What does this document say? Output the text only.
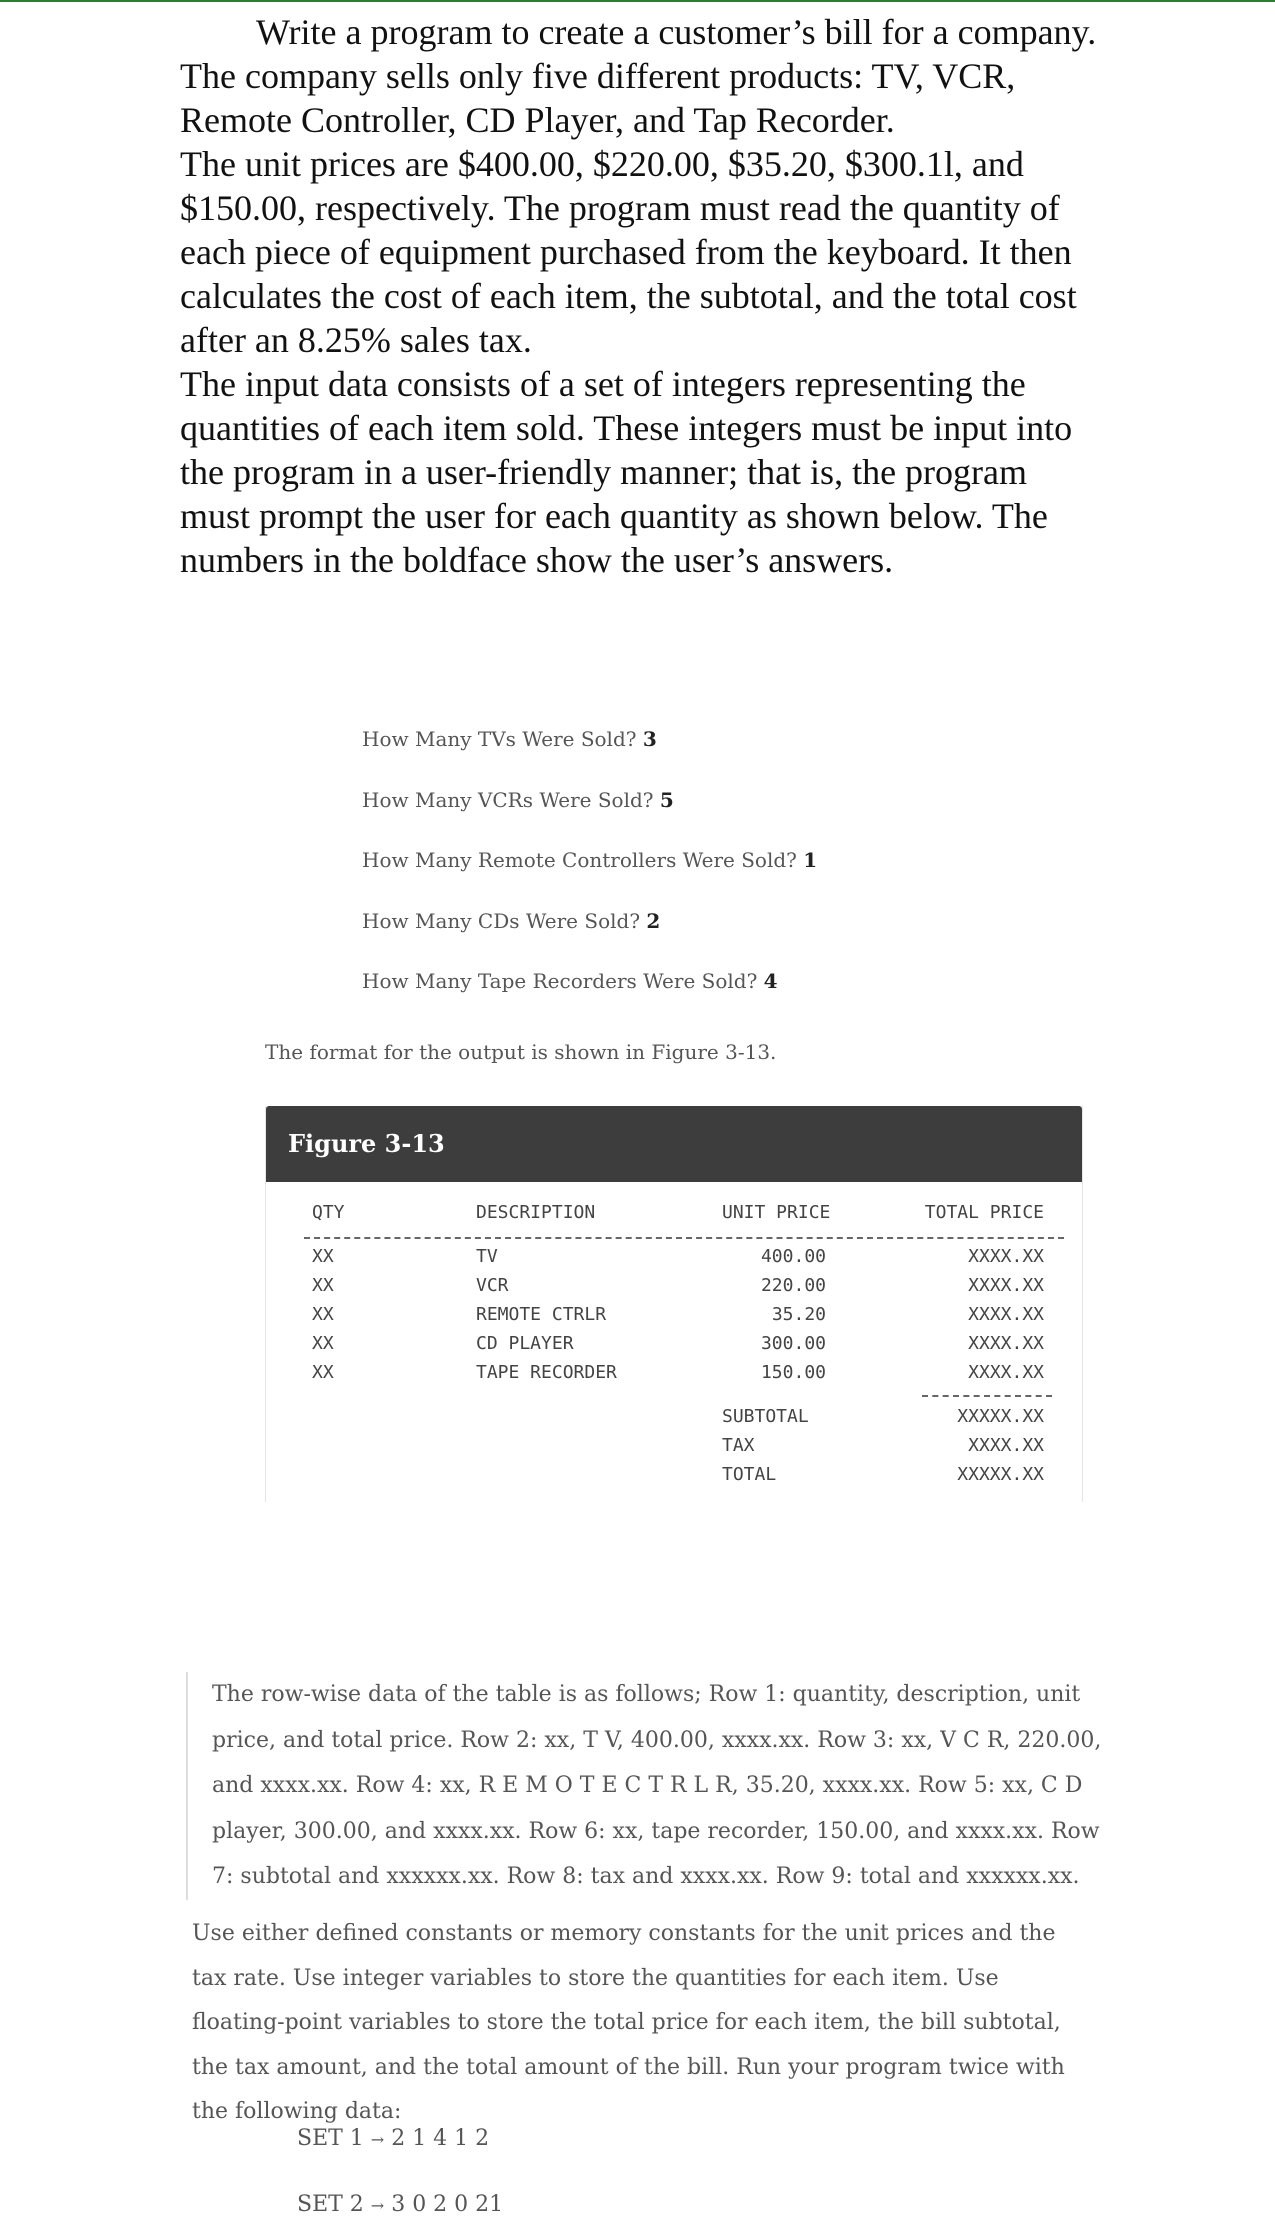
Write a program to create a customer’s bill for a company. The company sells only five different products: TV, VCR, Remote Controller, CD Player, and Tap Recorder.

The unit prices are $400.00, $220.00, $35.20, $300.1l, and $150.00, respectively. The program must read the quantity of each piece of equipment purchased from the keyboard. It then calculates the cost of each item, the subtotal, and the total cost after an 8.25% sales tax.

The input data consists of a set of integers representing the quantities of each item sold. These integers must be input into the program in a user-friendly manner; that is, the program must prompt the user for each quantity as shown below. The numbers in the boldface show the user’s answers.

How Many TVs Were Sold? 3
How Many VCRs Were Sold? 5
How Many Remote Controllers Were Sold? 1
How Many CDs Were Sold? 2
How Many Tape Recorders Were Sold? 4
The format for the output is shown in Figure 3-13.
Figure 3-13
QTY	DESCRIPTION	UNIT PRICE	TOTAL PRICE
XX	TV	400.00	XXXX.XX
XX	VCR	220.00	XXXX.XX
XX	REMOTE CTRLR	35.20	XXXX.XX
XX	CD PLAYER	300.00	XXXX.XX
XX	TAPE RECORDER	150.00	XXXX.XX
SUBTOTAL	XXXXX.XX
TAX	XXXX.XX
TOTAL	XXXXX.XX
The row-wise data of the table is as follows; Row 1: quantity, description, unit price, and total price. Row 2: xx, T V, 400.00, xxxx.xx. Row 3: xx, V C R, 220.00, and xxxx.xx. Row 4: xx, R E M O T E C T R L R, 35.20, xxxx.xx. Row 5: xx, C D player, 300.00, and xxxx.xx. Row 6: xx, tape recorder, 150.00, and xxxx.xx. Row 7: subtotal and xxxxxx.xx. Row 8: tax and xxxx.xx. Row 9: total and xxxxxx.xx.
Use either defined constants or memory constants for the unit prices and the tax rate. Use integer variables to store the quantities for each item. Use floating-point variables to store the total price for each item, the bill subtotal, the tax amount, and the total amount of the bill. Run your program twice with the following data:
SET 1 → 2 1 4 1 2
SET 2 → 3 0 2 0 21
